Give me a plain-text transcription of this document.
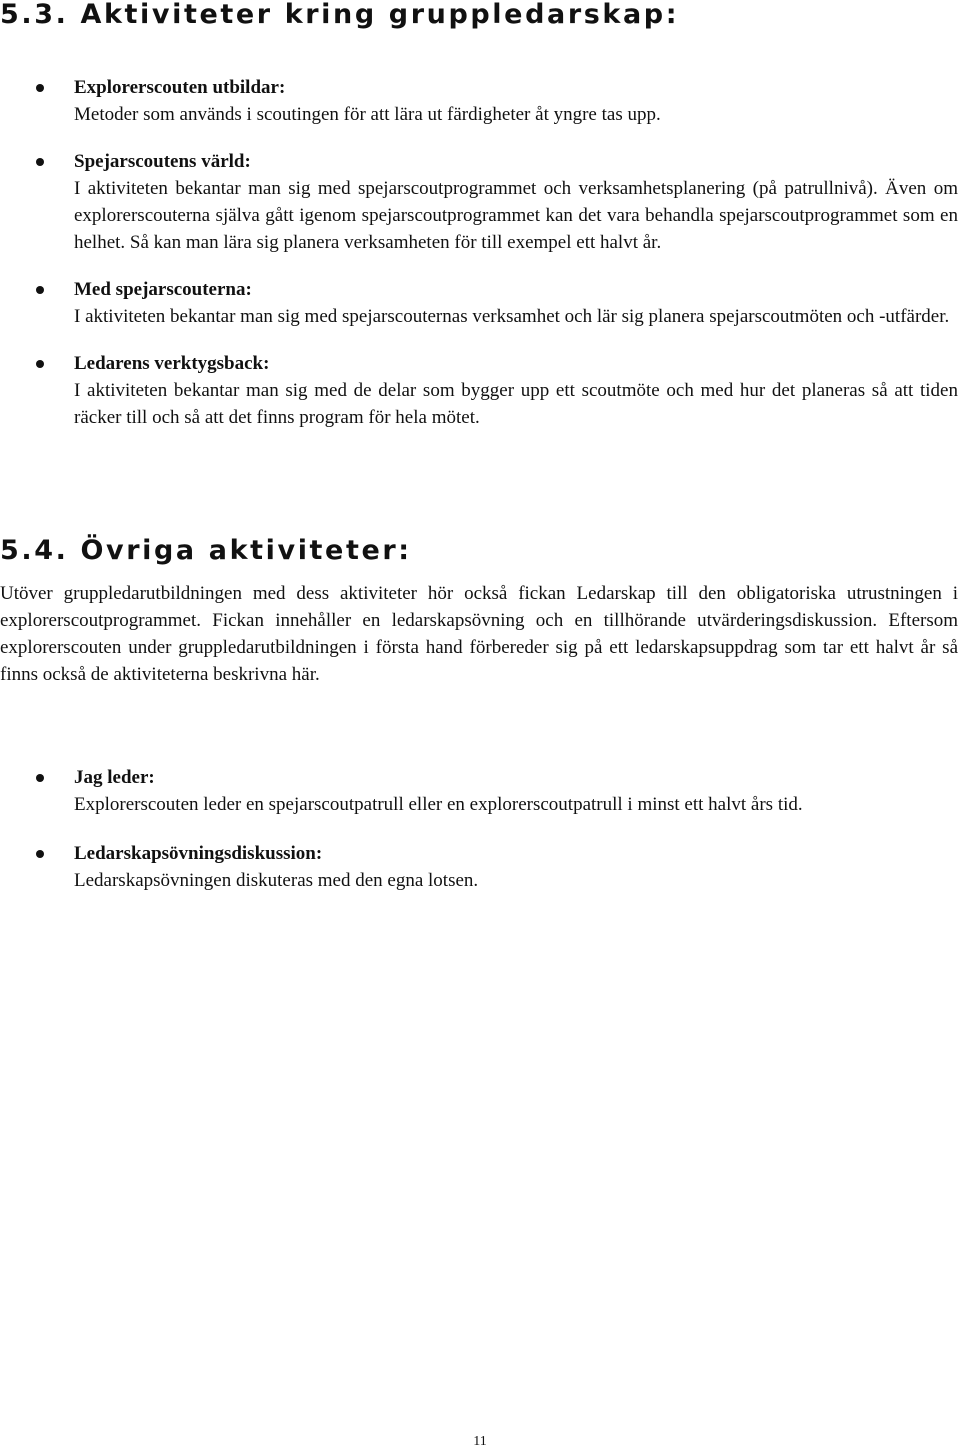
5.3. Aktiviteter kring gruppledarskap:
Explorerscouten utbildar:
Metoder som används i scoutingen för att lära ut färdigheter åt yngre tas upp.
Spejarscoutens värld:
I aktiviteten bekantar man sig med spejarscoutprogrammet och verksamhetsplanering (på patrullnivå). Även om explorerscouterna själva gått igenom spejarscoutprogrammet kan det vara behandla spejarscoutprogrammet som en helhet. Så kan man lära sig planera verksamheten för till exempel ett halvt år.
Med spejarscouterna:
I aktiviteten bekantar man sig med spejarscouternas verksamhet och lär sig planera spejarscoutmöten och -utfärder.
Ledarens verktygsback:
I aktiviteten bekantar man sig med de delar som bygger upp ett scoutmöte och med hur det planeras så att tiden räcker till och så att det finns program för hela mötet.
5.4. Övriga aktiviteter:

Utöver gruppledarutbildningen med dess aktiviteter hör också fickan Ledarskap till den obligatoriska utrustningen i explorerscoutprogrammet. Fickan innehåller en ledarskapsövning och en tillhörande utvärderingsdiskussion. Eftersom explorerscouten under gruppledarutbildningen i första hand förbereder sig på ett ledarskapsuppdrag som tar ett halvt år så finns också de aktiviteterna beskrivna här.

Jag leder:
Explorerscouten leder en spejarscoutpatrull eller en explorerscoutpatrull i minst ett halvt års tid.
Ledarskapsövningsdiskussion:
Ledarskapsövningen diskuteras med den egna lotsen.
11
